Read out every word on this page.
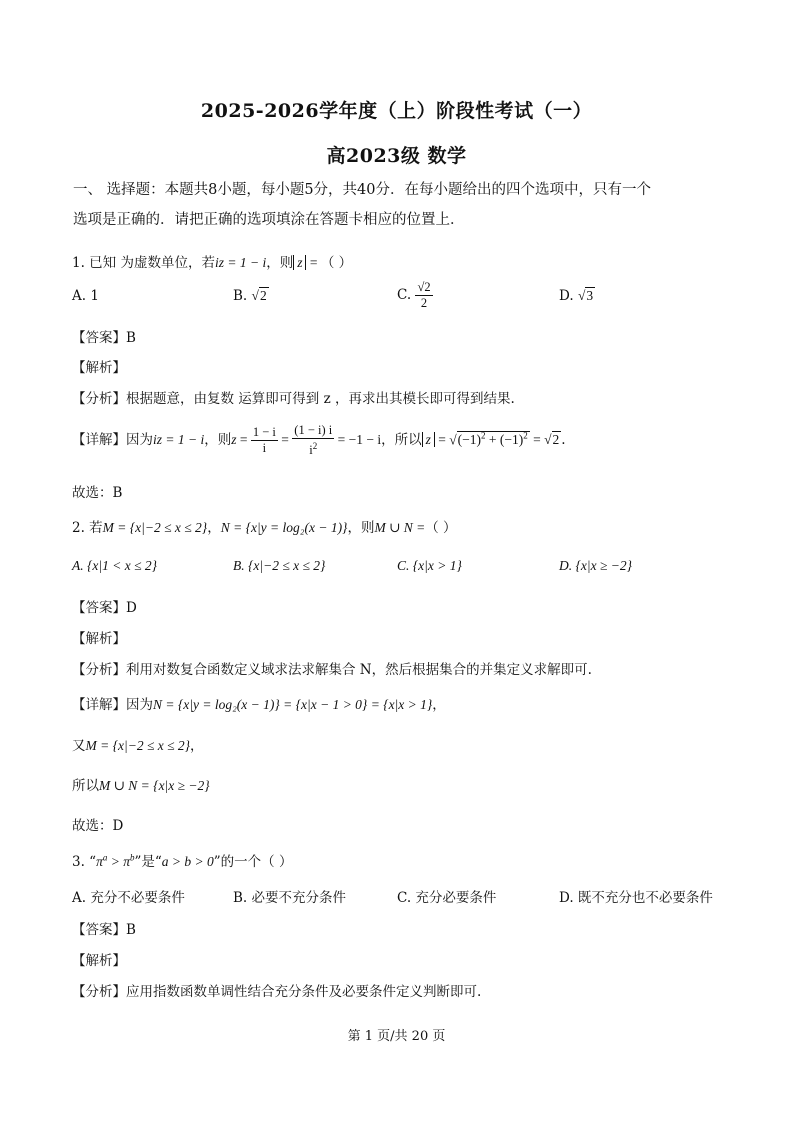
2025-2026学年度（上）阶段性考试（一）
高2023级 数学
一、 选择题：本题共8小题，每小题5分，共40分．在每小题给出的四个选项中，只有一个
选项是正确的．请把正确的选项填涂在答题卡相应的位置上．
1. 已知 为虚数单位，若iz = 1 − i，则 z = （ ）
A. 1	B. √2	C. $\frac{√2}{2}$	D. √3
【答案】B
【解析】
【分析】根据题意，由复数 运算即可得到 z ，再求出其模长即可得到结果.
【详解】因为iz = 1 − i，则$z = \frac{1 - i}{i} = \frac{(1 - i) i}{i^2} = -1 - i$，所以 $z = √(-1)^2 + (-1)^2 = √2$ .
故选：B
2. 若M = {x|−2 ≤ x ≤ 2}，N = {x|y = log₂(x − 1)}，则M ∪ N =（ ）
A. {x|1 < x ≤ 2}	B. {x|−2 ≤ x ≤ 2}	C. {x|x > 1}	D. {x|x ≥ −2}
【答案】D
【解析】
【分析】利用对数复合函数定义域求法求解集合 N，然后根据集合的并集定义求解即可.
【详解】因为N = {x|y = log₂(x − 1)} = {x|x − 1 > 0} = {x|x > 1}，
又M = {x|−2 ≤ x ≤ 2}，
所以M ∪ N = {x|x ≥ −2}
故选：D
3. “$\pi^a > \pi^b$”是“a > b > 0”的一个（ ）
A. 充分不必要条件	B. 必要不充分条件	C. 充分必要条件	D. 既不充分也不必要条件
【答案】B
【解析】
【分析】应用指数函数单调性结合充分条件及必要条件定义判断即可.
第 1 页/共 20 页
